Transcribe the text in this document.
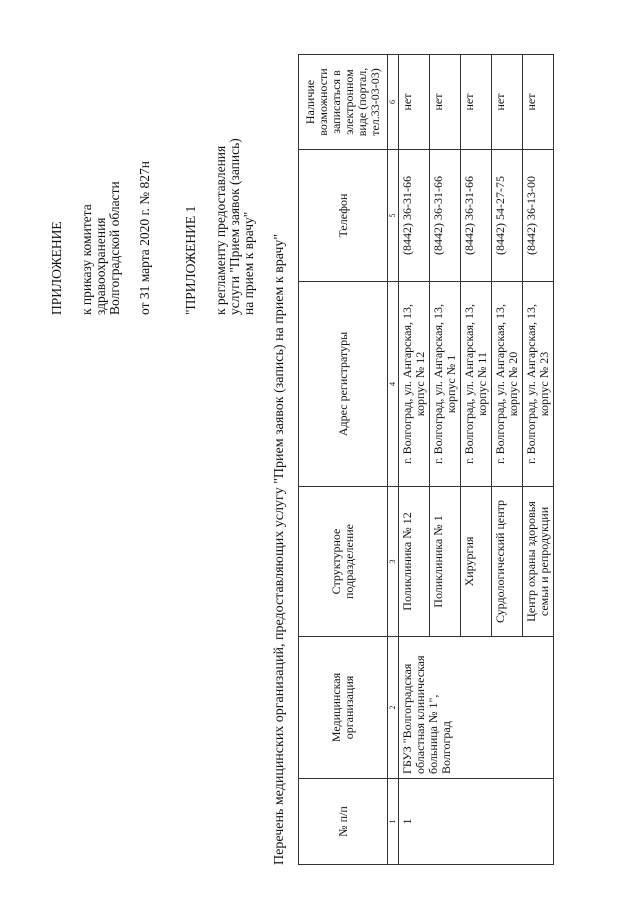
ПРИЛОЖЕНИЕ к приказу комитета здравоохранения Волгоградской области от 31 марта 2020 г. № 827н "ПРИЛОЖЕНИЕ 1 к регламенту предоставления услуги "Прием заявок (запись) на прием к врачу" Перечень медицинских организаций, предоставляющих услугу "Прием заявок (запись) на прием к врачу"	№ п/п	Медицинская организация	Структурное подразделение	Адрес регистратуры	Телефон	Наличие возможности записаться в электронном виде (портал, тел.33-03-03)
1	2	3	4	5	6
1	ГБУЗ "Волгоградская областная клиническая больница № 1", Волгоград	Поликлиника № 12	г. Волгоград, ул. Ангарская, 13, корпус № 12	(8442) 36-31-66	нет
		Поликлиника № 1	г. Волгоград, ул. Ангарская, 13, корпус № 1	(8442) 36-31-66	нет
		Хирургия	г. Волгоград, ул. Ангарская, 13, корпус № 11	(8442) 36-31-66	нет
		Сурдологический центр	г. Волгоград, ул. Ангарская, 13, корпус № 20	(8442) 54-27-75	нет
		Центр охраны здоровья семьи и репродукции	г. Волгоград, ул. Ангарская, 13, корпус № 23	(8442) 36-13-00	нет
